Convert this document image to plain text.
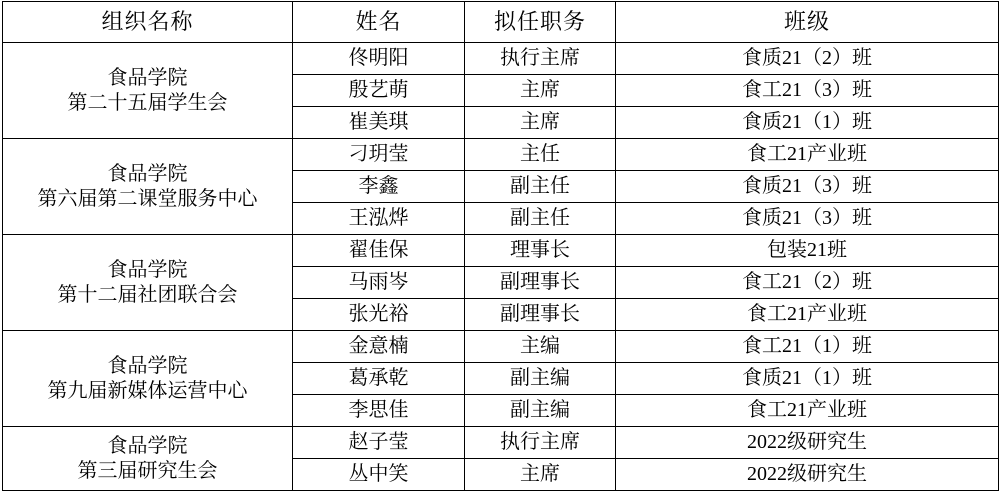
组织名称	姓名	拟任职务	班级

食品学院
第二十五届学生会	佟明阳	执行主席	食质21（2）班
	殷艺萌	主席	食工21（3）班
	崔美琪	主席	食质21（1）班

食品学院
第六届第二课堂服务中心	刁玥莹	主任	食工21产业班
	李鑫	副主任	食质21（3）班
	王泓烨	副主任	食质21（3）班

食品学院
第十二届社团联合会	翟佳保	理事长	包装21班
	马雨岑	副理事长	食工21（2）班
	张光裕	副理事长	食工21产业班

食品学院
第九届新媒体运营中心	金意楠	主编	食工21（1）班
	葛承乾	副主编	食质21（1）班
	李思佳	副主编	食工21产业班

食品学院
第三届研究生会	赵子莹	执行主席	2022级研究生
	丛中笑	主席	2022级研究生
